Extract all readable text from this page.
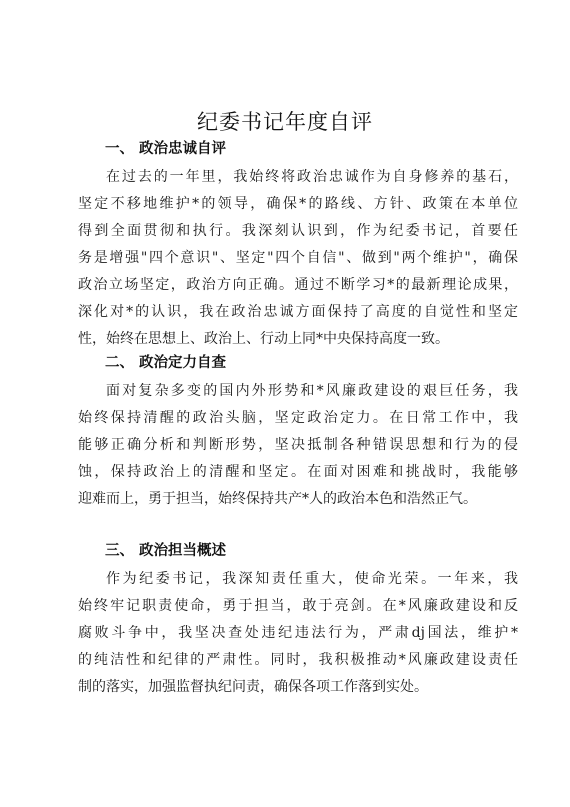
纪委书记年度自评
一、 政治忠诚自评
在过去的一年里，我始终将政治忠诚作为自身修养的基石，
坚定不移地维护*的领导，确保*的路线、方针、政策在本单位
得到全面贯彻和执行。我深刻认识到，作为纪委书记，首要任
务是增强"四个意识"、坚定"四个自信"、做到"两个维护"，确保
政治立场坚定，政治方向正确。通过不断学习*的最新理论成果，
深化对*的认识，我在政治忠诚方面保持了高度的自觉性和坚定
性，始终在思想上、政治上、行动上同*中央保持高度一致。
二、 政治定力自查
面对复杂多变的国内外形势和*风廉政建设的艰巨任务，我
始终保持清醒的政治头脑，坚定政治定力。在日常工作中，我
能够正确分析和判断形势，坚决抵制各种错误思想和行为的侵
蚀，保持政治上的清醒和坚定。在面对困难和挑战时，我能够
迎难而上，勇于担当，始终保持共产*人的政治本色和浩然正气。
三、 政治担当概述
作为纪委书记，我深知责任重大，使命光荣。一年来，我
始终牢记职责使命，勇于担当，敢于亮剑。在*风廉政建设和反
腐败斗争中，我坚决查处违纪违法行为，严肃dj国法，维护*
的纯洁性和纪律的严肃性。同时，我积极推动*风廉政建设责任
制的落实，加强监督执纪问责，确保各项工作落到实处。
